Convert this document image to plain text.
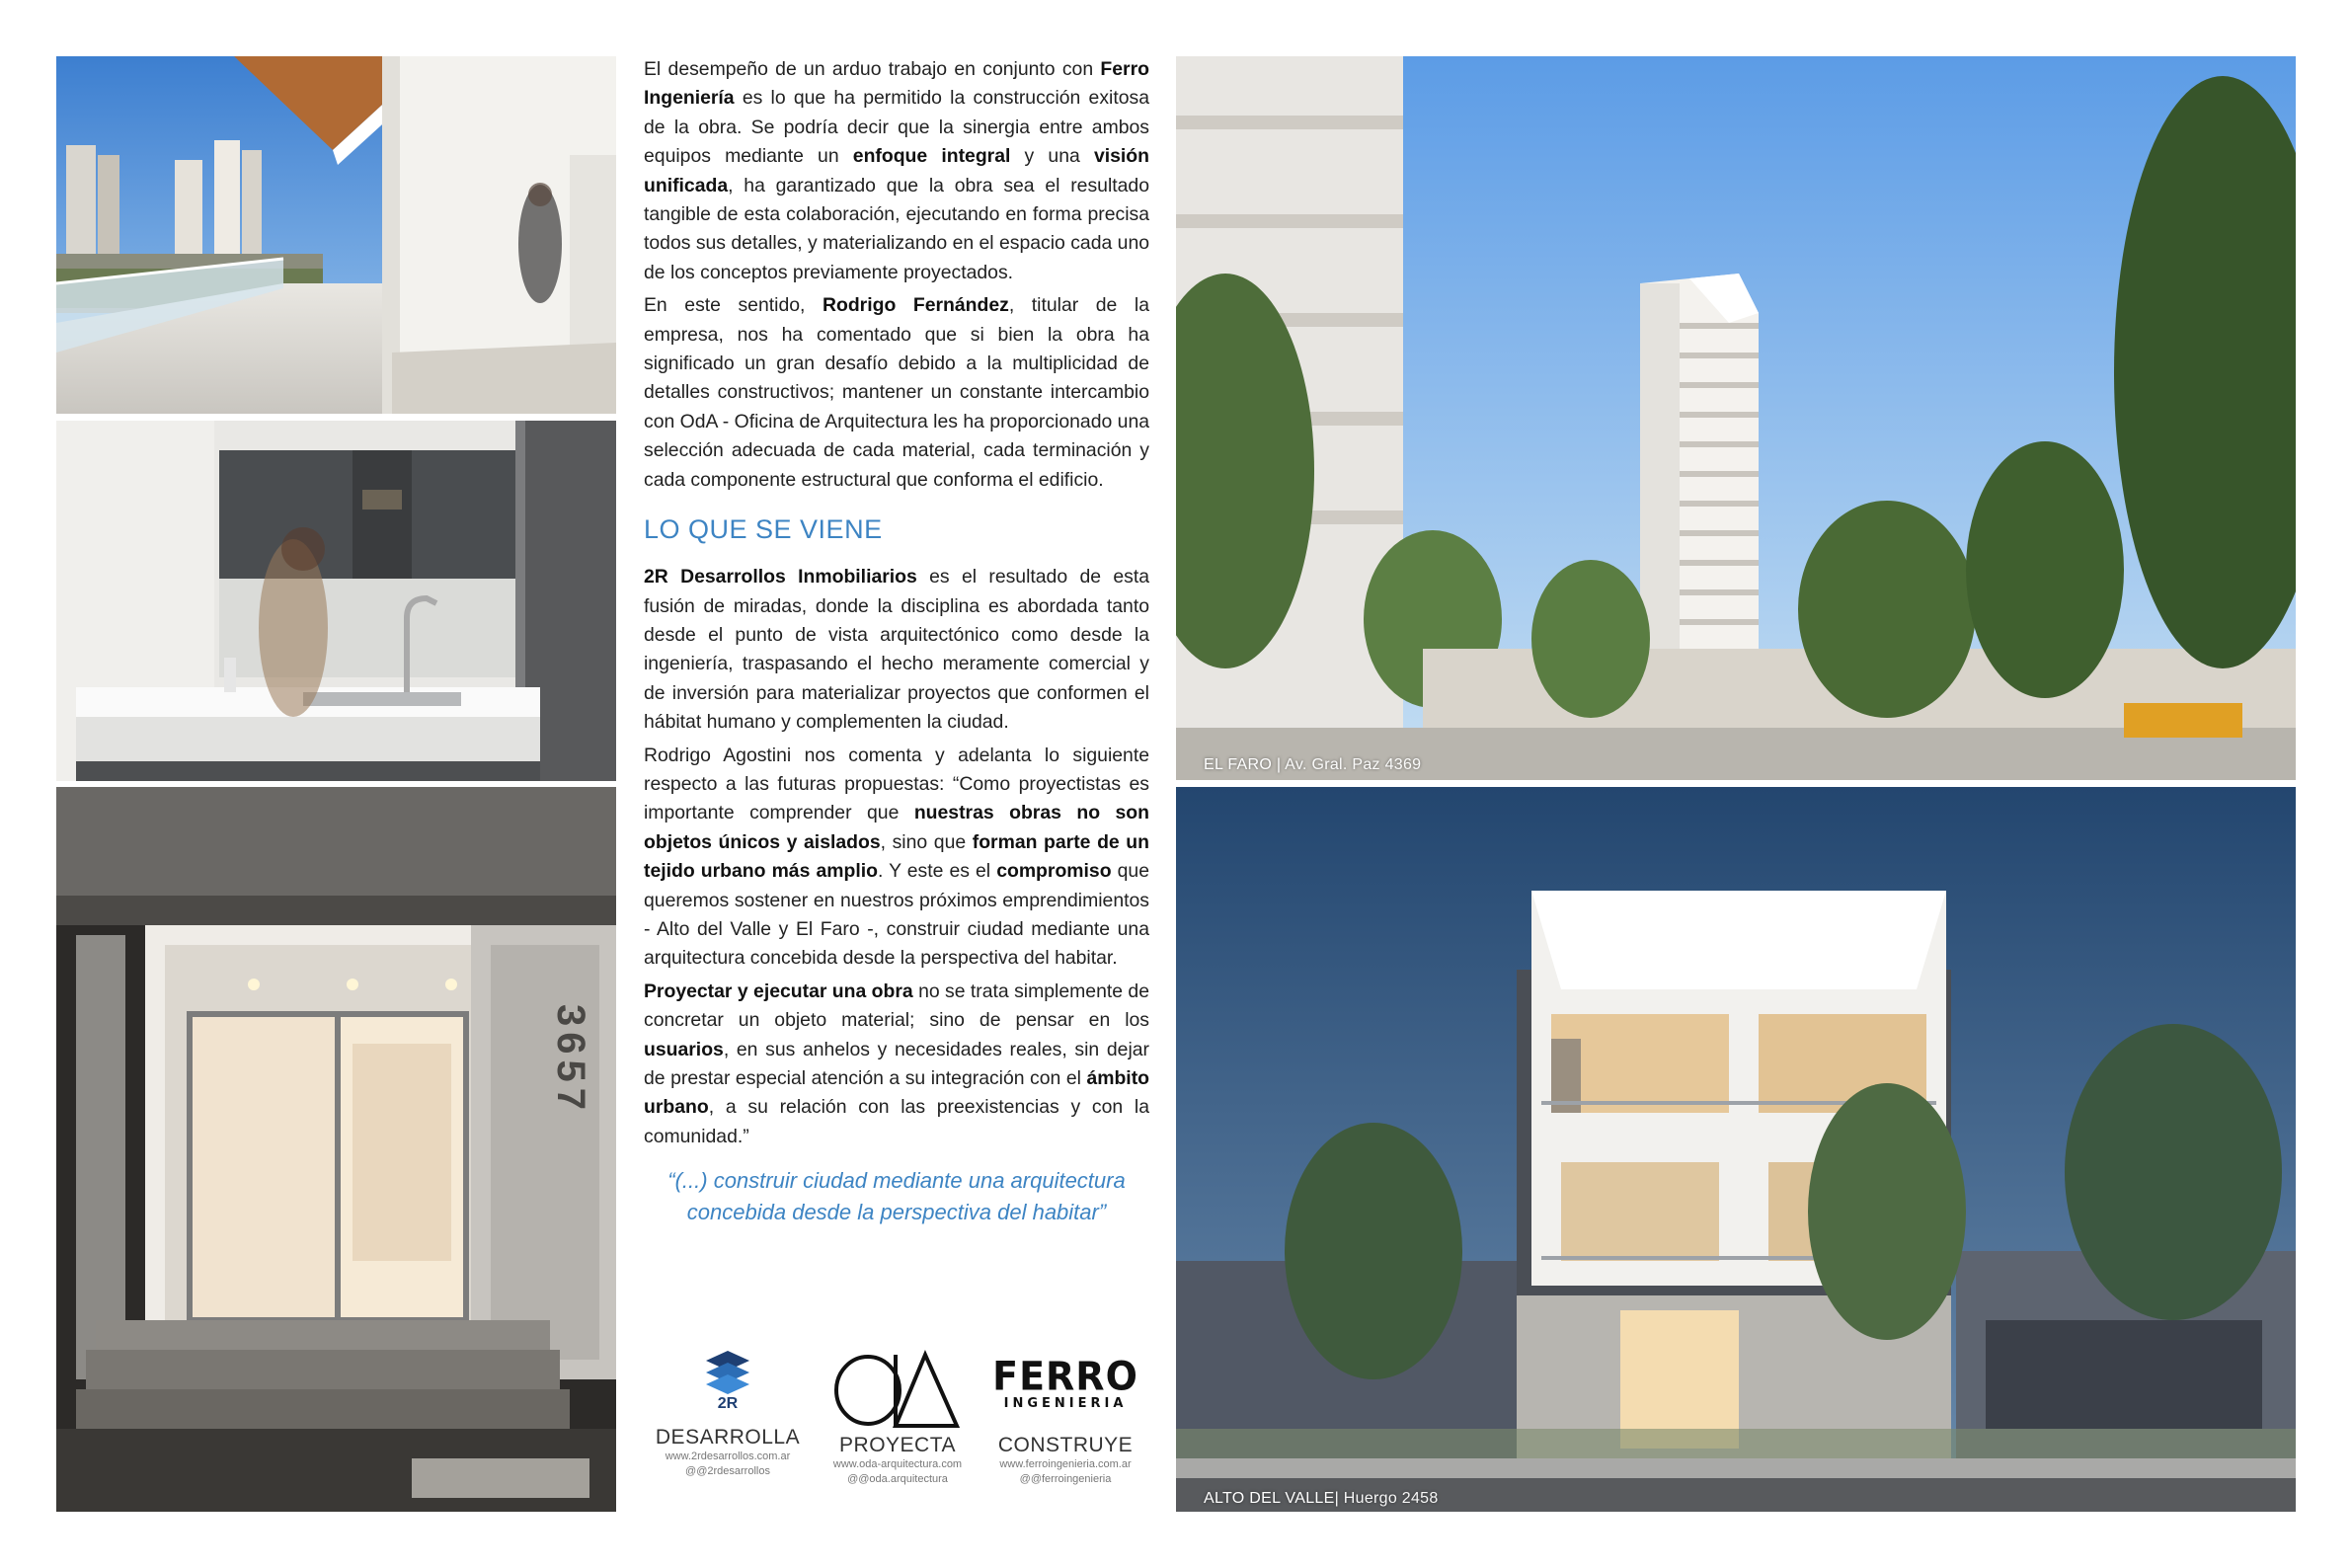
3657

El desempeño de un arduo trabajo en conjunto con Ferro Ingeniería es lo que ha permitido la construcción exitosa de la obra. Se podría decir que la sinergia entre ambos equipos mediante un enfoque integral y una visión unificada, ha garantizado que la obra sea el resultado tangible de esta colaboración, ejecutando en forma precisa todos sus detalles, y materializando en el espacio cada uno de los conceptos previamente proyectados.

En este sentido, Rodrigo Fernández, titular de la empresa, nos ha comentado que si bien la obra ha significado un gran desafío debido a la multiplicidad de detalles constructivos; mantener un constante intercambio con OdA - Oficina de Arquitectura les ha proporcionado una selección adecuada de cada material, cada terminación y cada componente estructural que conforma el edificio.

LO QUE SE VIENE

2R Desarrollos Inmobiliarios es el resultado de esta fusión de miradas, donde la disciplina es abordada tanto desde el punto de vista arquitectónico como desde la ingeniería, traspasando el hecho meramente comercial y de inversión para materializar proyectos que conformen el hábitat humano y complementen la ciudad.

Rodrigo Agostini nos comenta y adelanta lo siguiente respecto a las futuras propuestas: “Como proyectistas es importante comprender que nuestras obras no son objetos únicos y aislados, sino que forman parte de un tejido urbano más amplio. Y este es el compromiso que queremos sostener en nuestros próximos emprendimientos - Alto del Valle y El Faro -, construir ciudad mediante una arquitectura concebida desde la perspectiva del habitar.

Proyectar y ejecutar una obra no se trata simplemente de concretar un objeto material; sino de pensar en los usuarios, en sus anhelos y necesidades reales, sin dejar de prestar especial atención a su integración con el ámbito urbano, a su relación con las preexistencias y con la comunidad.”

“(...) construir ciudad mediante una arquitectura concebida desde la perspectiva del habitar”
2R
DESARROLLA
www.2rdesarrollos.com.ar
@@2rdesarrollos
PROYECTA
www.oda-arquitectura.com
@@oda.arquitectura
FERRO
INGENIERIA
CONSTRUYE
www.ferroingenieria.com.ar
@@ferroingenieria
EL FARO | Av. Gral. Paz 4369
ALTO DEL VALLE| Huergo 2458
